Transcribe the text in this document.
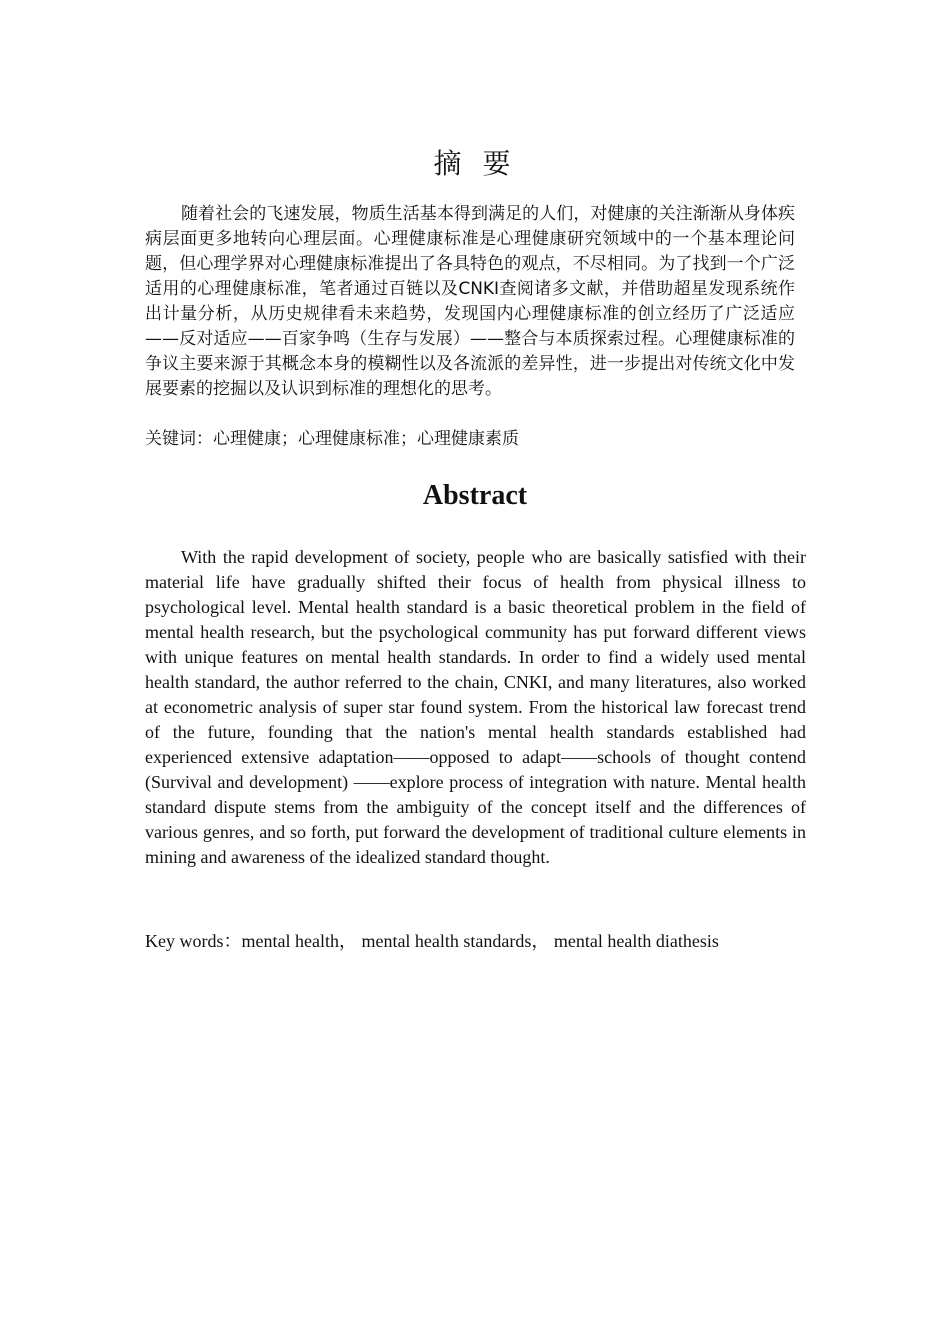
摘 要

随着社会的飞速发展，物质生活基本得到满足的人们，对健康的关注渐渐从身体疾病层面更多地转向心理层面。心理健康标准是心理健康研究领域中的一个基本理论问题，但心理学界对心理健康标准提出了各具特色的观点，不尽相同。为了找到一个广泛适用的心理健康标准，笔者通过百链以及CNKI查阅诸多文献，并借助超星发现系统作出计量分析，从历史规律看未来趋势，发现国内心理健康标准的创立经历了广泛适应——反对适应——百家争鸣（生存与发展）——整合与本质探索过程。心理健康标准的争议主要来源于其概念本身的模糊性以及各流派的差异性，进一步提出对传统文化中发展要素的挖掘以及认识到标准的理想化的思考。

关键词：心理健康；心理健康标准；心理健康素质

Abstract

With the rapid development of society, people who are basically satisfied with their material life have gradually shifted their focus of health from physical illness to psychological level. Mental health standard is a basic theoretical problem in the field of mental health research, but the psychological community has put forward different views with unique features on mental health standards. In order to find a widely used mental health standard, the author referred to the chain, CNKI, and many literatures, also worked at econometric analysis of super star found system. From the historical law forecast trend of the future, founding that the nation's mental health standards established had experienced extensive adaptation——opposed to adapt——schools of thought contend (Survival and development) ——explore process of integration with nature. Mental health standard dispute stems from the ambiguity of the concept itself and the differences of various genres, and so forth, put forward the development of traditional culture elements in mining and awareness of the idealized standard thought.

Key words：mental health， mental health standards， mental health diathesis
